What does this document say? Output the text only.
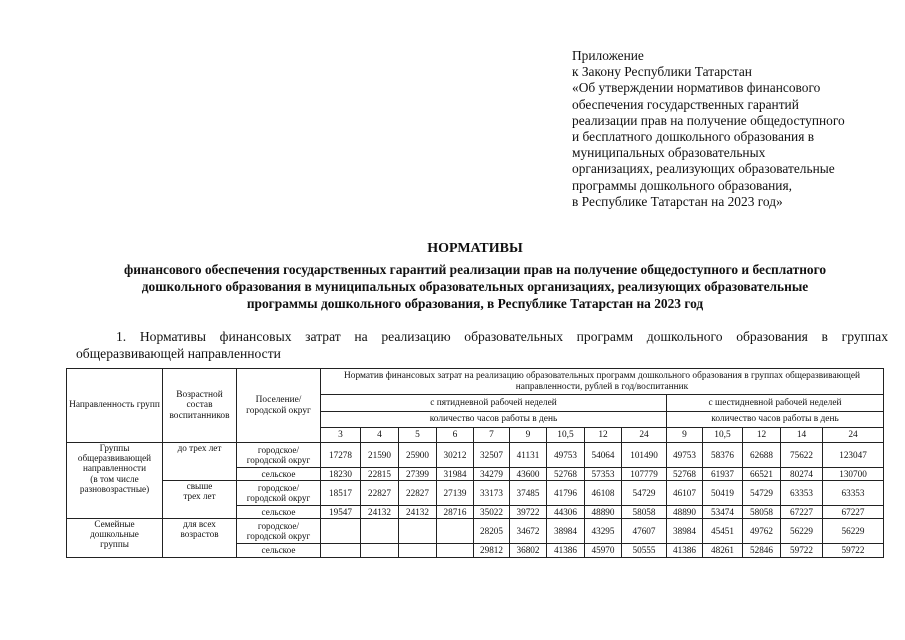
Приложение
к Закону Республики Татарстан
«Об утверждении нормативов финансового
обеспечения государственных гарантий
реализации прав на получение общедоступного
и бесплатного дошкольного образования в
муниципальных образовательных
организациях, реализующих образовательные
программы дошкольного образования,
в Республике Татарстан на 2023 год»
НОРМАТИВЫ
финансового обеспечения государственных гарантий реализации прав на получение общедоступного и бесплатного
дошкольного образования в муниципальных образовательных организациях, реализующих образовательные
программы дошкольного образования, в Республике Татарстан на 2023 год
1. Нормативы финансовых затрат на реализацию образовательных программ дошкольного образования в группах
общеразвивающей направленности
Направленность групп	Возрастной состав воспитанников	Поселение/ городской округ	Норматив финансовых затрат на реализацию образовательных программ дошкольного образования в группах общеразвивающей направленности, рублей в год/воспитанник													
			с пятидневной рабочей неделей									с шестидневной рабочей неделей				
			количество часов работы в день									количество часов работы в день				
			3	4	5	6	7	9	10,5	12	24	9	10,5	12	14	24

Группы
общеразвивающей
направленности
(в том числе
разновозрастные)	до трех лет	городское/
городской округ	17278	21590	25900	30212	32507	41131	49753	54064	101490	49753	58376	62688	75622	123047

		сельское	18230	22815	27399	31984	34279	43600	52768	57353	107779	52768	61937	66521	80274	130700

	свыше
трех лет	городское/
городской округ	18517	22827	22827	27139	33173	37485	41796	46108	54729	46107	50419	54729	63353	63353

		сельское	19547	24132	24132	28716	35022	39722	44306	48890	58058	48890	53474	58058	67227	67227

Семейные
дошкольные
группы	для всех
возрастов	городское/
городской округ					28205	34672	38984	43295	47607	38984	45451	49762	56229	56229

		сельское					29812	36802	41386	45970	50555	41386	48261	52846	59722	59722
